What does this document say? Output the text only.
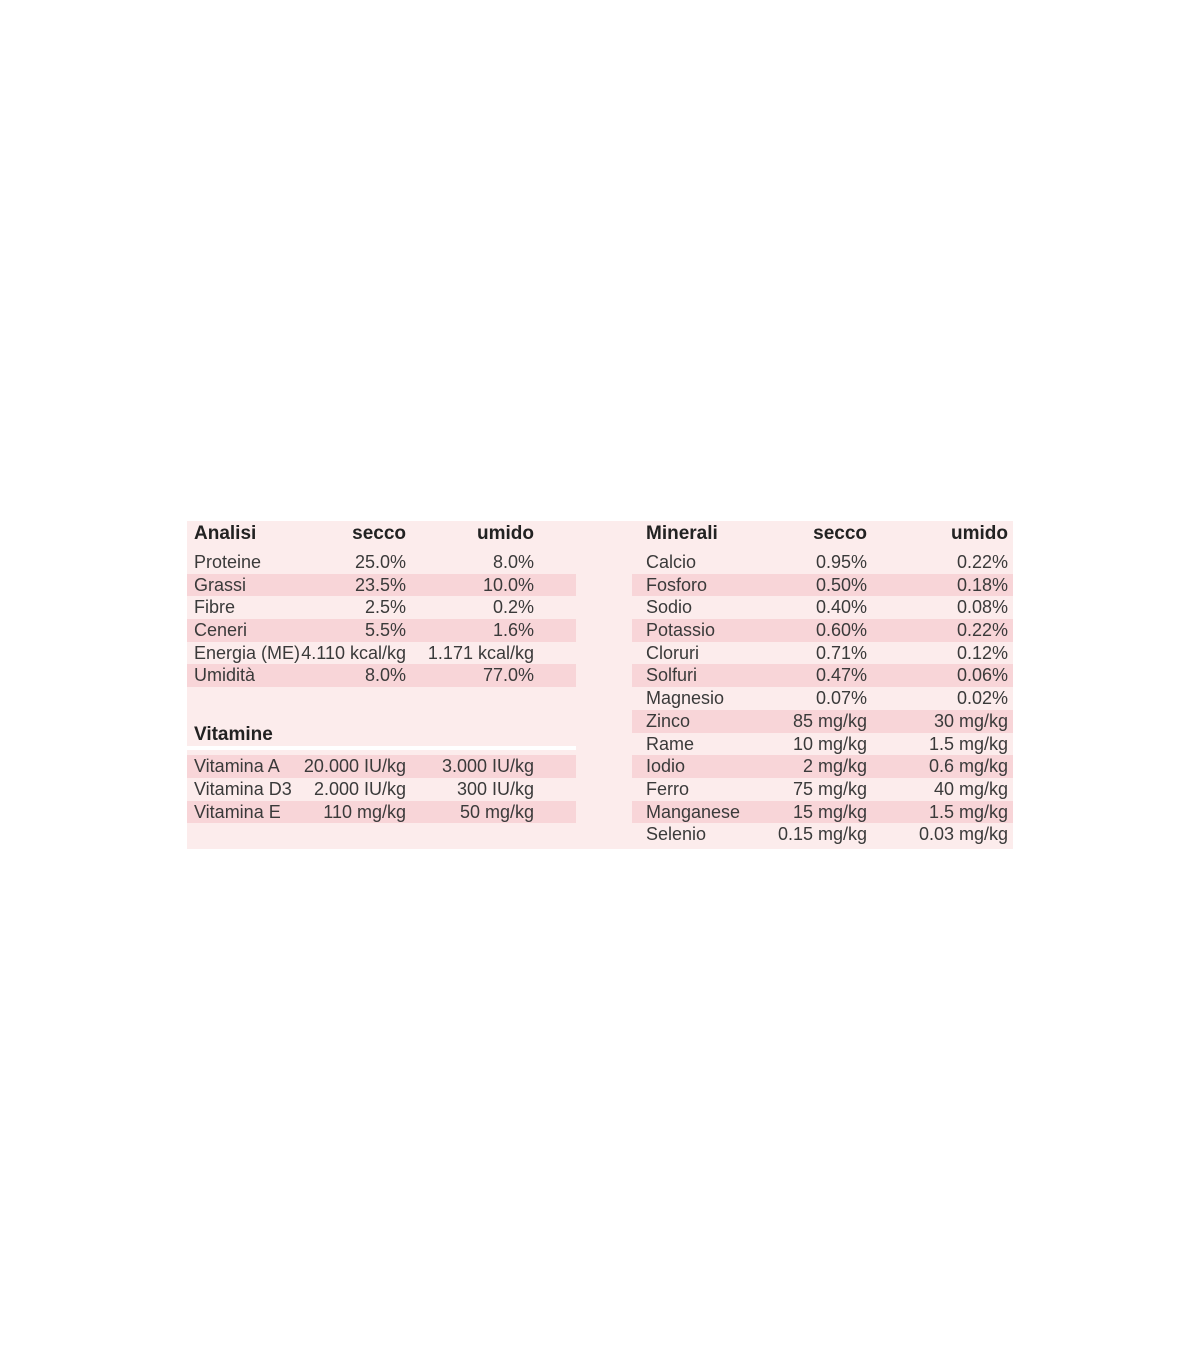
Analisi	secco	umido
Proteine	25.0%	8.0%
Grassi	23.5%	10.0%
Fibre	2.5%	0.2%
Ceneri	5.5%	1.6%
Energia (ME) 4.110 kcal/kg 1.171 kcal/kg
Umidità	8.0%	77.0%
Vitamine
Vitamina A 20.000 IU/kg 3.000 IU/kg
Vitamina D3 2.000 IU/kg	300 IU/kg
Vitamina E 110 mg/kg	50 mg/kg
Minerali	secco	umido
Calcio	0.95%	0.22%
Fosforo	0.50%	0.18%
Sodio	0.40%	0.08%
Potassio	0.60%	0.22%
Cloruri	0.71%	0.12%
Solfuri	0.47%	0.06%
Magnesio	0.07%	0.02%
Zinco	85 mg/kg	30 mg/kg
Rame	10 mg/kg	1.5 mg/kg
Iodio	2 mg/kg	0.6 mg/kg
Ferro	75 mg/kg	40 mg/kg
Manganese	15 mg/kg	1.5 mg/kg
Selenio	0.15 mg/kg	0.03 mg/kg
